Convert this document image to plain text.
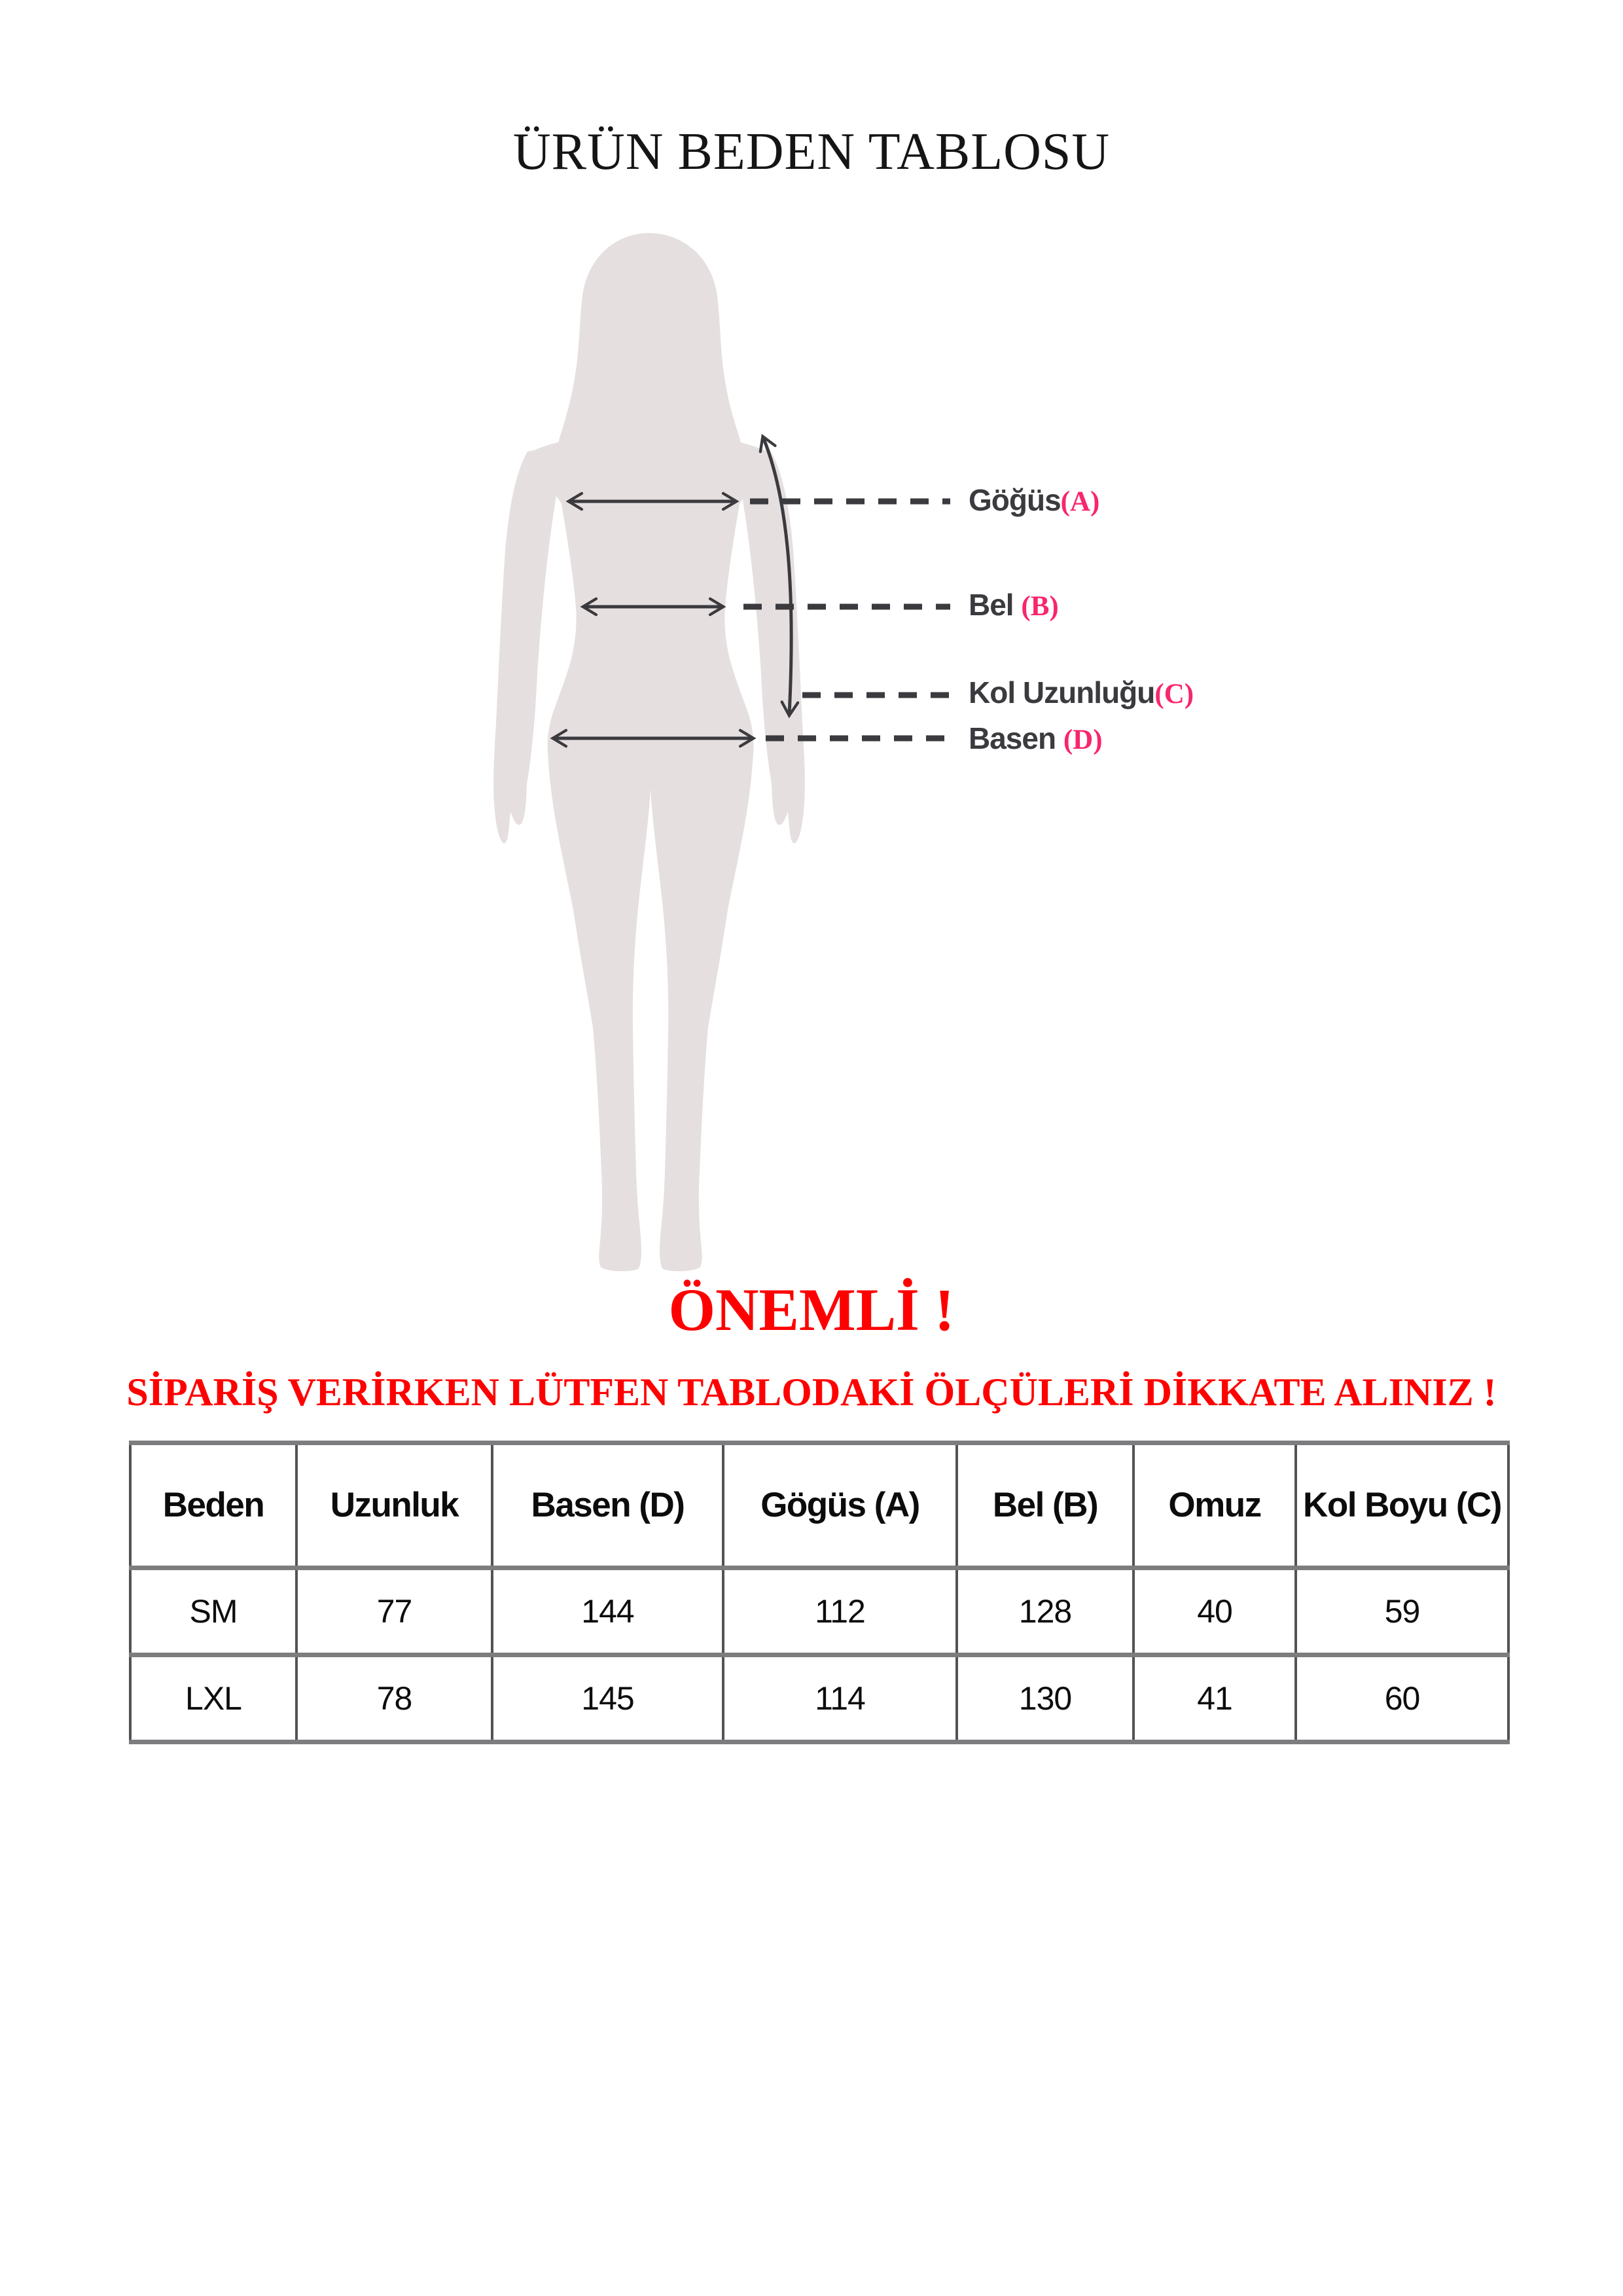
ÜRÜN BEDEN TABLOSU
Göğüs(A)
Bel (B)
Kol Uzunluğu(C)
Basen (D)
ÖNEMLİ !
SİPARİŞ VERİRKEN LÜTFEN TABLODAKİ ÖLÇÜLERİ DİKKATE ALINIZ !
Beden	Uzunluk	Basen (D)	Gögüs (A)	Bel (B)	Omuz	Kol Boyu (C)
SM	77	144	112	128	40	59
LXL	78	145	114	130	41	60
